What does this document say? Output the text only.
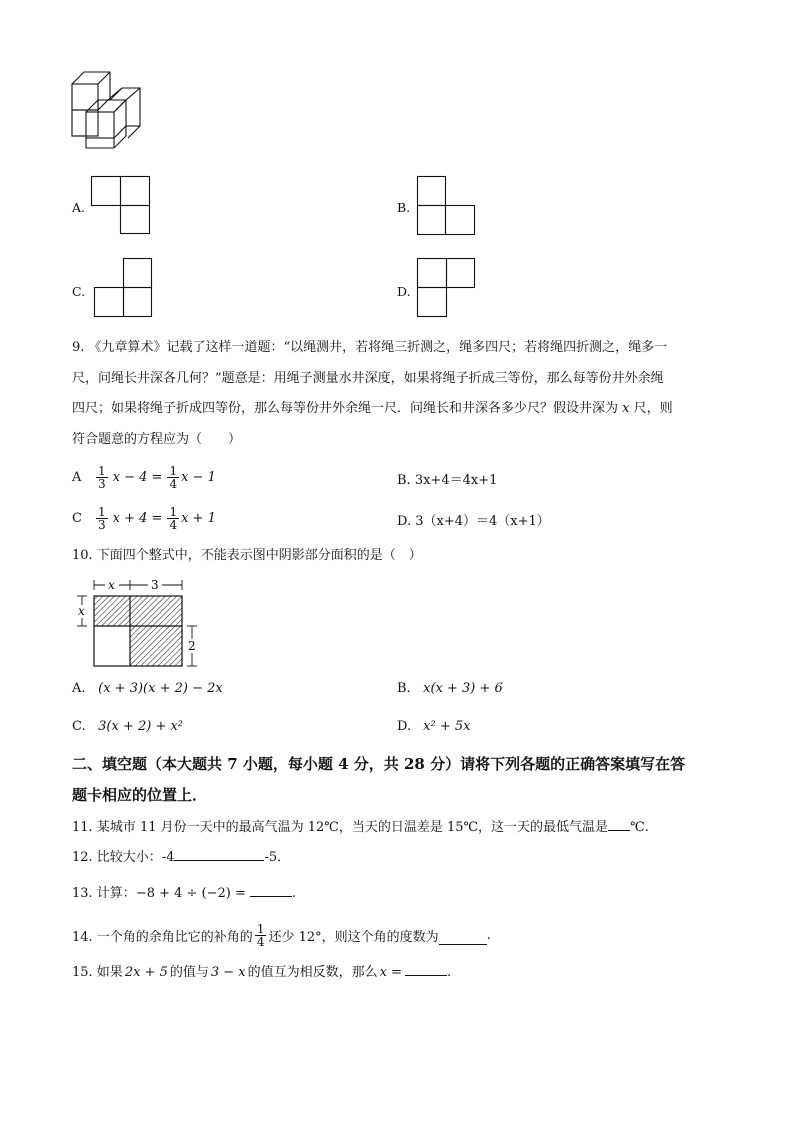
A.	B.
C.	D.
9. 《九章算术》记载了这样一道题：“以绳测井，若将绳三折测之，绳多四尺；若将绳四折测之，绳多一
尺，问绳长井深各几何？”题意是：用绳子测量水井深度，如果将绳子折成三等份，那么每等份井外余绳
四尺；如果将绳子折成四等份，那么每等份井外余绳一尺．问绳长和井深各多少尺？假设井深为 x 尺，则
符合题意的方程应为（　　）
A	$\frac{1}{3}$ $x - 4 = \frac{1}{4}$ x − 1	B. 3x+4＝4x+1
C	$\frac{1}{3}$ $x + 4 = \frac{1}{4}$ x + 1	D. 3（x+4）＝4（x+1）
10. 下面四个整式中，不能表示图中阴影部分面积的是（　）
x	3
x
2
A. (x + 3)(x + 2) − 2x	B. x(x + 3) + 6
C. 3(x + 2) + x²	D. x² + 5x
二、填空题（本大题共 7 小题，每小题 4 分，共 28 分）请将下列各题的正确答案填写在答
题卡相应的位置上．
11. 某城市 11 月份一天中的最高气温为 12℃，当天的日温差是 15℃，这一天的最低气温是 ℃.
12. 比较大小：-4	-5．
13. 计算：−8 + 4 ÷ (−2) =	.
14. 一个角的余角比它的补角的 $\frac{1}{4}$ 还少 12°，则这个角的度数为	.
15. 如果 2x + 5 的值与 3 − x 的值互为相反数，那么 x =	.
